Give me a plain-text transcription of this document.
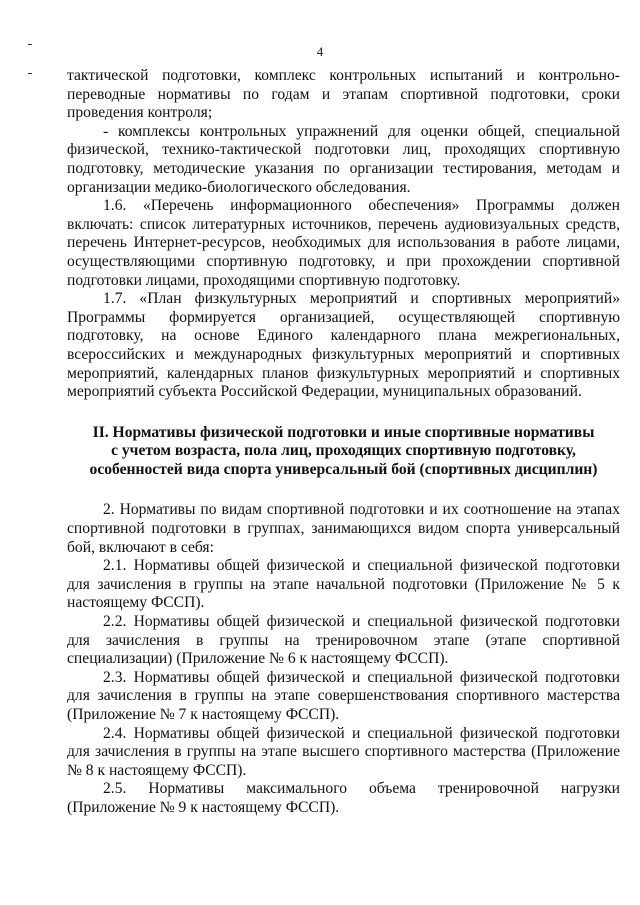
4

тактической подготовки, комплекс контрольных испытаний и контрольно-переводные нормативы по годам и этапам спортивной подготовки, сроки проведения контроля;

- комплексы контрольных упражнений для оценки общей, специальной физической, технико-тактической подготовки лиц, проходящих спортивную подготовку, методические указания по организации тестирования, методам и организации медико-биологического обследования.

1.6. «Перечень информационного обеспечения» Программы должен включать: список литературных источников, перечень аудиовизуальных средств, перечень Интернет-ресурсов, необходимых для использования в работе лицами, осуществляющими спортивную подготовку, и при прохождении спортивной подготовки лицами, проходящими спортивную подготовку.

1.7. «План физкультурных мероприятий и спортивных мероприятий» Программы формируется организацией, осуществляющей спортивную подготовку, на основе Единого календарного плана межрегиональных, всероссийских и международных физкультурных мероприятий и спортивных мероприятий, календарных планов физкультурных мероприятий и спортивных мероприятий субъекта Российской Федерации, муниципальных образований.

II. Нормативы физической подготовки и иные спортивные нормативы
с учетом возраста, пола лиц, проходящих спортивную подготовку,
особенностей вида спорта универсальный бой (спортивных дисциплин)

2. Нормативы по видам спортивной подготовки и их соотношение на этапах спортивной подготовки в группах, занимающихся видом спорта универсальный бой, включают в себя:

2.1. Нормативы общей физической и специальной физической подготовки для зачисления в группы на этапе начальной подготовки (Приложение № 5 к настоящему ФССП).

2.2. Нормативы общей физической и специальной физической подготовки для зачисления в группы на тренировочном этапе (этапе спортивной специализации) (Приложение № 6 к настоящему ФССП).

2.3. Нормативы общей физической и специальной физической подготовки для зачисления в группы на этапе совершенствования спортивного мастерства (Приложение № 7 к настоящему ФССП).

2.4. Нормативы общей физической и специальной физической подготовки для зачисления в группы на этапе высшего спортивного мастерства (Приложение № 8 к настоящему ФССП).

2.5. Нормативы максимального объема тренировочной нагрузки (Приложение № 9 к настоящему ФССП).
